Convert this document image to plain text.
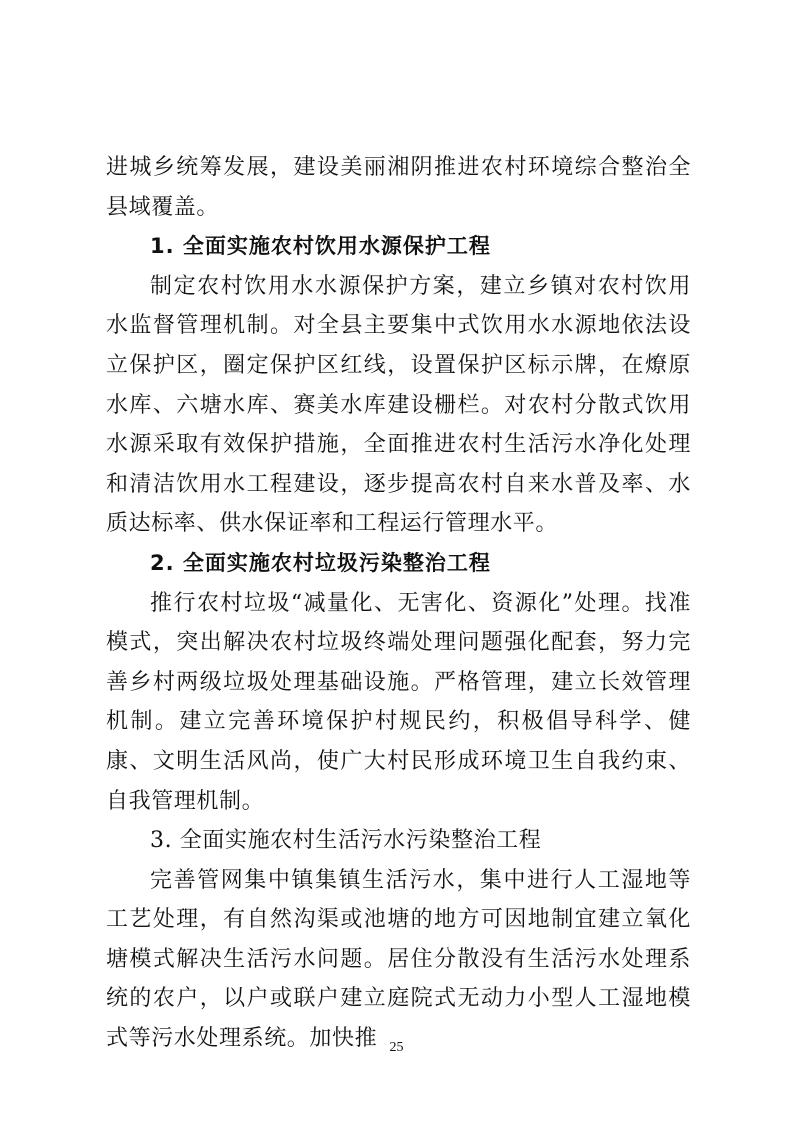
进城乡统筹发展，建设美丽湘阴推进农村环境综合整治全县域覆盖。

1. 全面实施农村饮用水源保护工程

制定农村饮用水水源保护方案，建立乡镇对农村饮用水监督管理机制。对全县主要集中式饮用水水源地依法设立保护区，圈定保护区红线，设置保护区标示牌，在燎原水库、六塘水库、赛美水库建设栅栏。对农村分散式饮用水源采取有效保护措施，全面推进农村生活污水净化处理和清洁饮用水工程建设，逐步提高农村自来水普及率、水质达标率、供水保证率和工程运行管理水平。

2. 全面实施农村垃圾污染整治工程

推行农村垃圾“减量化、无害化、资源化”处理。找准模式，突出解决农村垃圾终端处理问题强化配套，努力完善乡村两级垃圾处理基础设施。严格管理，建立长效管理机制。建立完善环境保护村规民约，积极倡导科学、健康、文明生活风尚，使广大村民形成环境卫生自我约束、自我管理机制。

3. 全面实施农村生活污水污染整治工程

完善管网集中镇集镇生活污水，集中进行人工湿地等工艺处理，有自然沟渠或池塘的地方可因地制宜建立氧化塘模式解决生活污水问题。居住分散没有生活污水处理系统的农户，以户或联户建立庭院式无动力小型人工湿地模式等污水处理系统。加快推 25
